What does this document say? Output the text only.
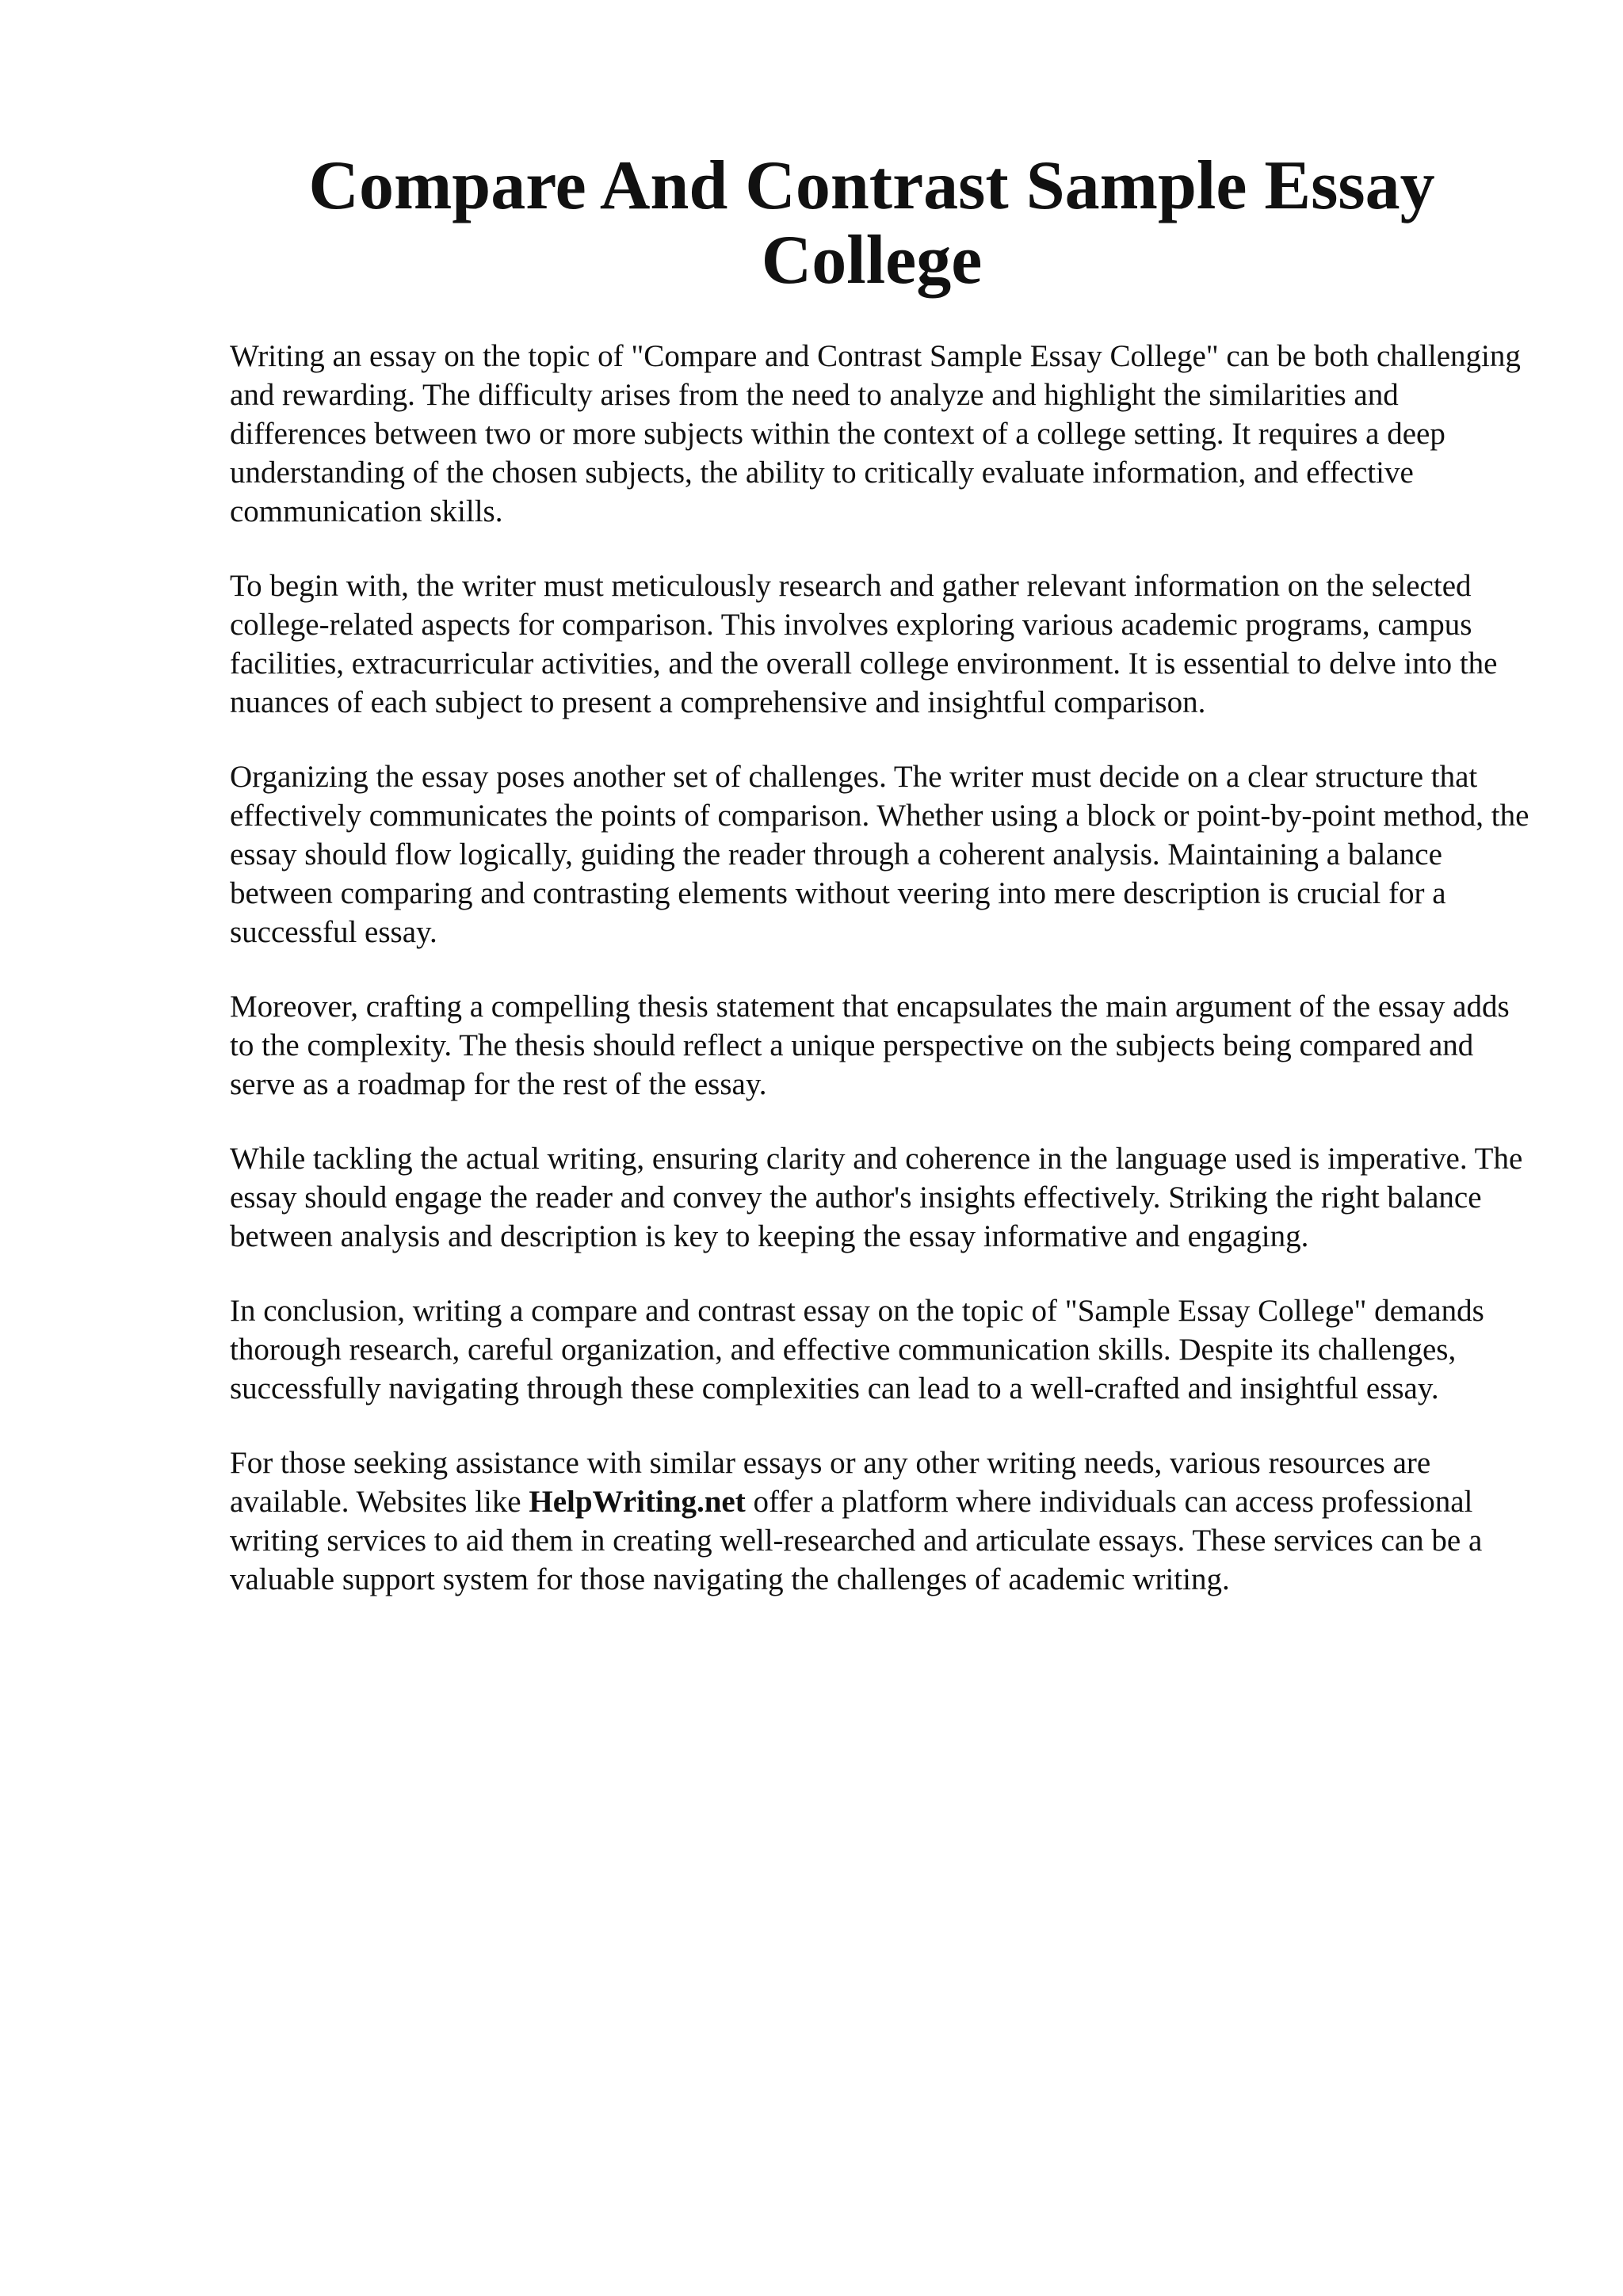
Compare And Contrast Sample Essay College

Writing an essay on the topic of "Compare and Contrast Sample Essay College" can be both challenging and rewarding. The difficulty arises from the need to analyze and highlight the similarities and differences between two or more subjects within the context of a college setting. It requires a deep understanding of the chosen subjects, the ability to critically evaluate information, and effective communication skills.

To begin with, the writer must meticulously research and gather relevant information on the selected college-related aspects for comparison. This involves exploring various academic programs, campus facilities, extracurricular activities, and the overall college environment. It is essential to delve into the nuances of each subject to present a comprehensive and insightful comparison.

Organizing the essay poses another set of challenges. The writer must decide on a clear structure that effectively communicates the points of comparison. Whether using a block or point-by-point method, the essay should flow logically, guiding the reader through a coherent analysis. Maintaining a balance between comparing and contrasting elements without veering into mere description is crucial for a successful essay.

Moreover, crafting a compelling thesis statement that encapsulates the main argument of the essay adds to the complexity. The thesis should reflect a unique perspective on the subjects being compared and serve as a roadmap for the rest of the essay.

While tackling the actual writing, ensuring clarity and coherence in the language used is imperative. The essay should engage the reader and convey the author's insights effectively. Striking the right balance between analysis and description is key to keeping the essay informative and engaging.

In conclusion, writing a compare and contrast essay on the topic of "Sample Essay College" demands thorough research, careful organization, and effective communication skills. Despite its challenges, successfully navigating through these complexities can lead to a well-crafted and insightful essay.

For those seeking assistance with similar essays or any other writing needs, various resources are available. Websites like HelpWriting.net offer a platform where individuals can access professional writing services to aid them in creating well-researched and articulate essays. These services can be a valuable support system for those navigating the challenges of academic writing.
